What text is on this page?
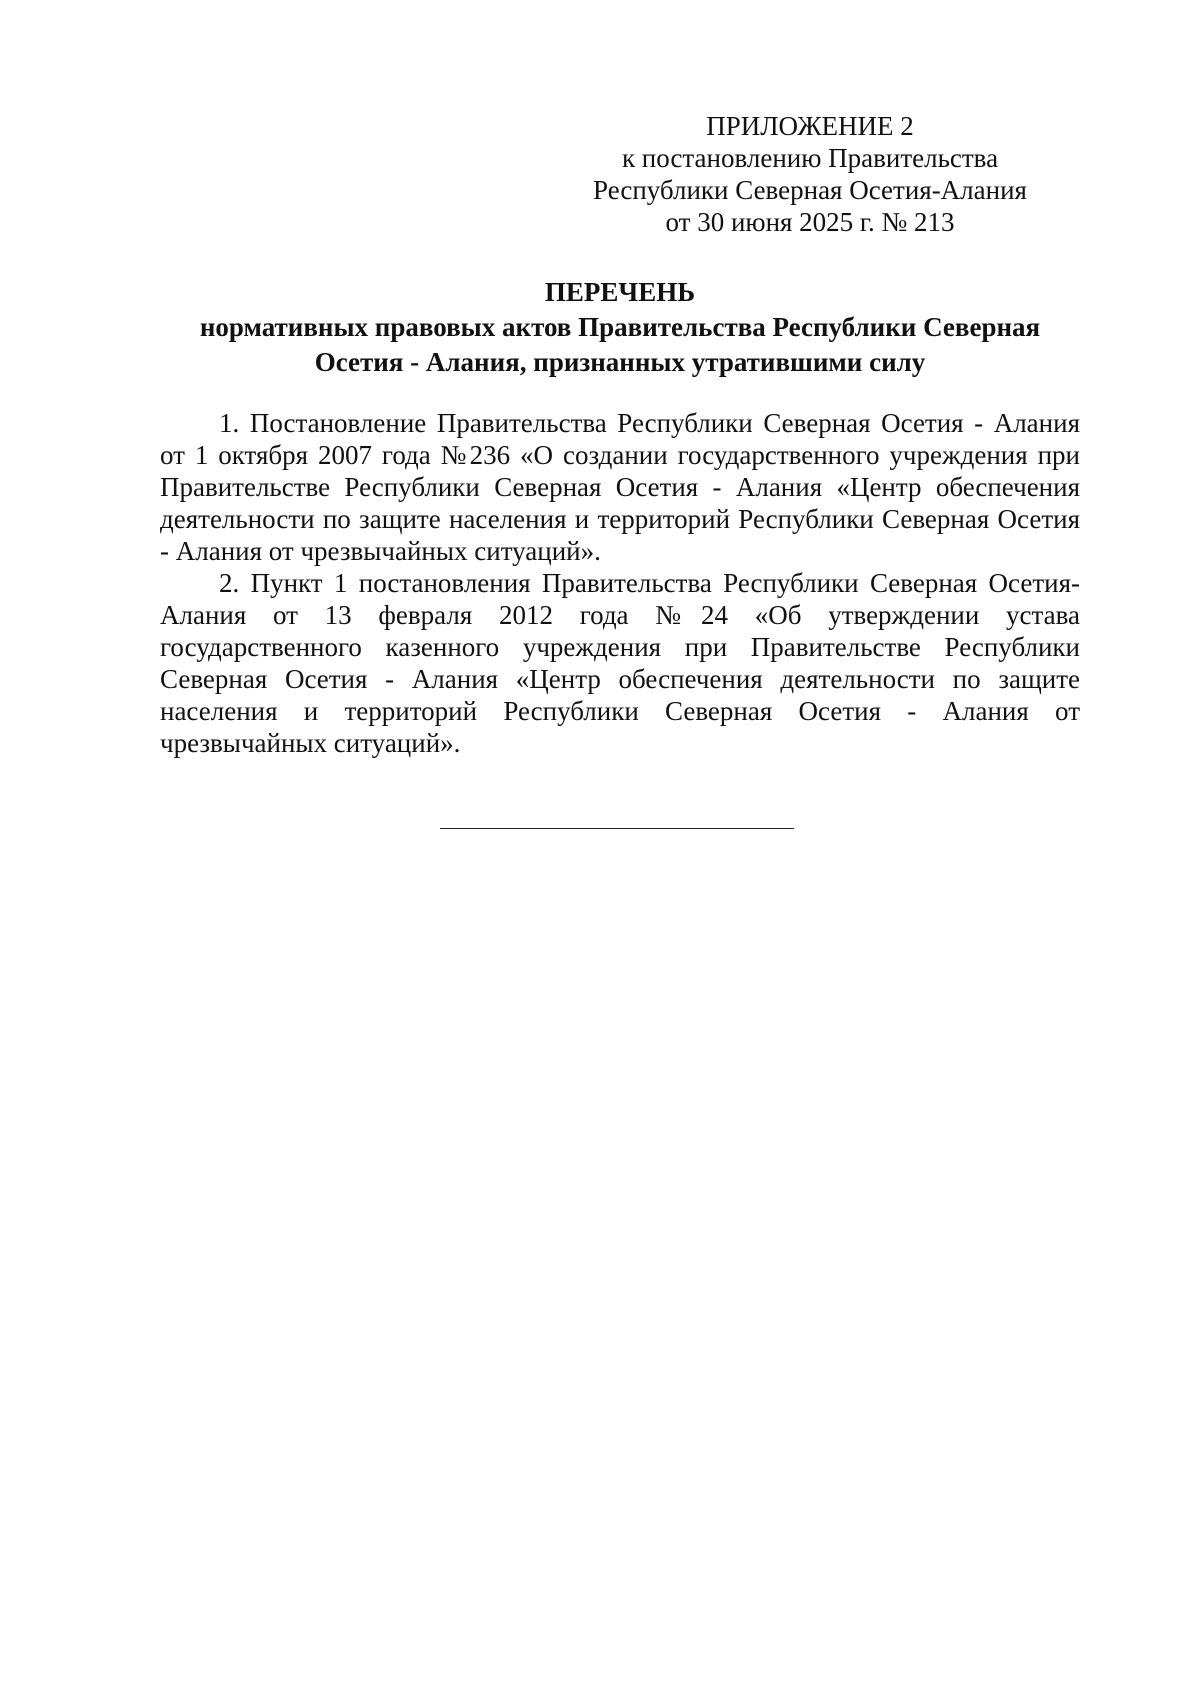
ПРИЛОЖЕНИЕ 2
к постановлению Правительства
Республики Северная Осетия-Алания
от 30 июня 2025 г. № 213
ПЕРЕЧЕНЬ
нормативных правовых актов Правительства Республики Северная
Осетия - Алания, признанных утратившими силу

1. Постановление Правительства Республики Северная Осетия - Алания от 1 октября 2007 года №236 «О создании государственного учреждения при Правительстве Республики Северная Осетия - Алания «Центр обеспечения деятельности по защите населения и территорий Республики Северная Осетия - Алания от чрезвычайных ситуаций».

2. Пункт 1 постановления Правительства Республики Северная Осетия-Алания от 13 февраля 2012 года №24 «Об утверждении устава государственного казенного учреждения при Правительстве Республики Северная Осетия - Алания «Центр обеспечения деятельности по защите населения и территорий Республики Северная Осетия - Алания от чрезвычайных ситуаций».
